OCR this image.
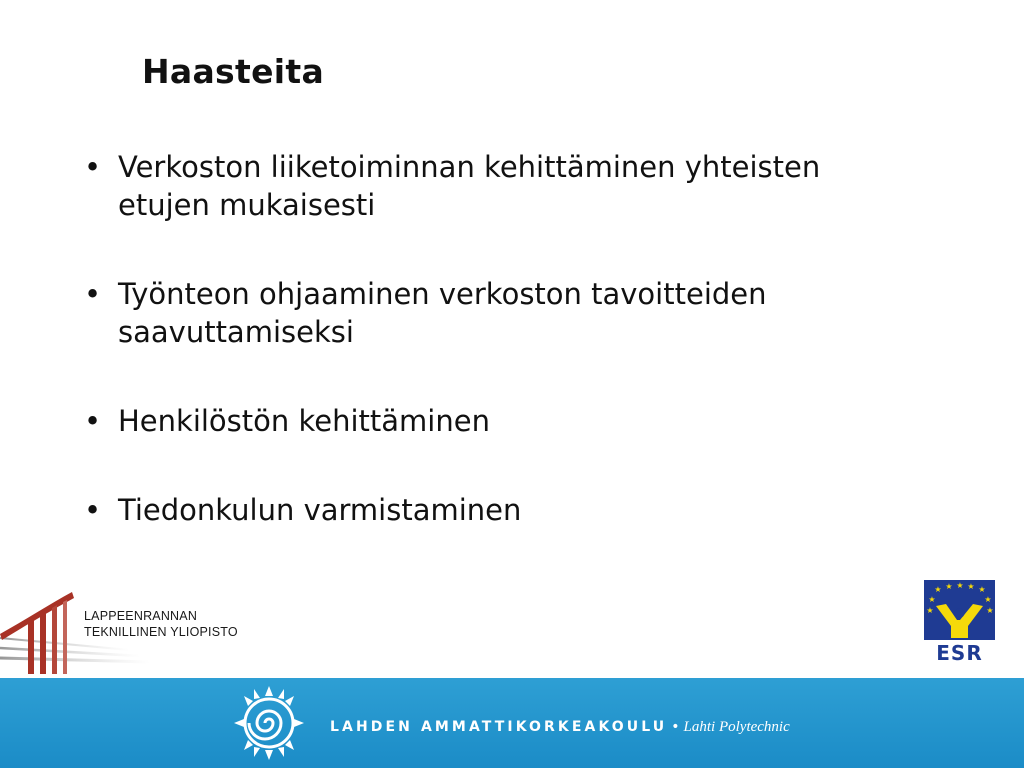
Haasteita
• Verkoston liiketoiminnan kehittäminen yhteisten
etujen mukaisesti
• Työnteon ohjaaminen verkoston tavoitteiden
saavuttamiseksi
• Henkilöstön kehittäminen
• Tiedonkulun varmistaminen
LAPPEENRANNAN
TEKNILLINEN YLIOPISTO
★ ★ ★ ★ ★
★	★
★	★
ESR
LAHDEN AMMATTIKORKEAKOULU • Lahti Polytechnic
